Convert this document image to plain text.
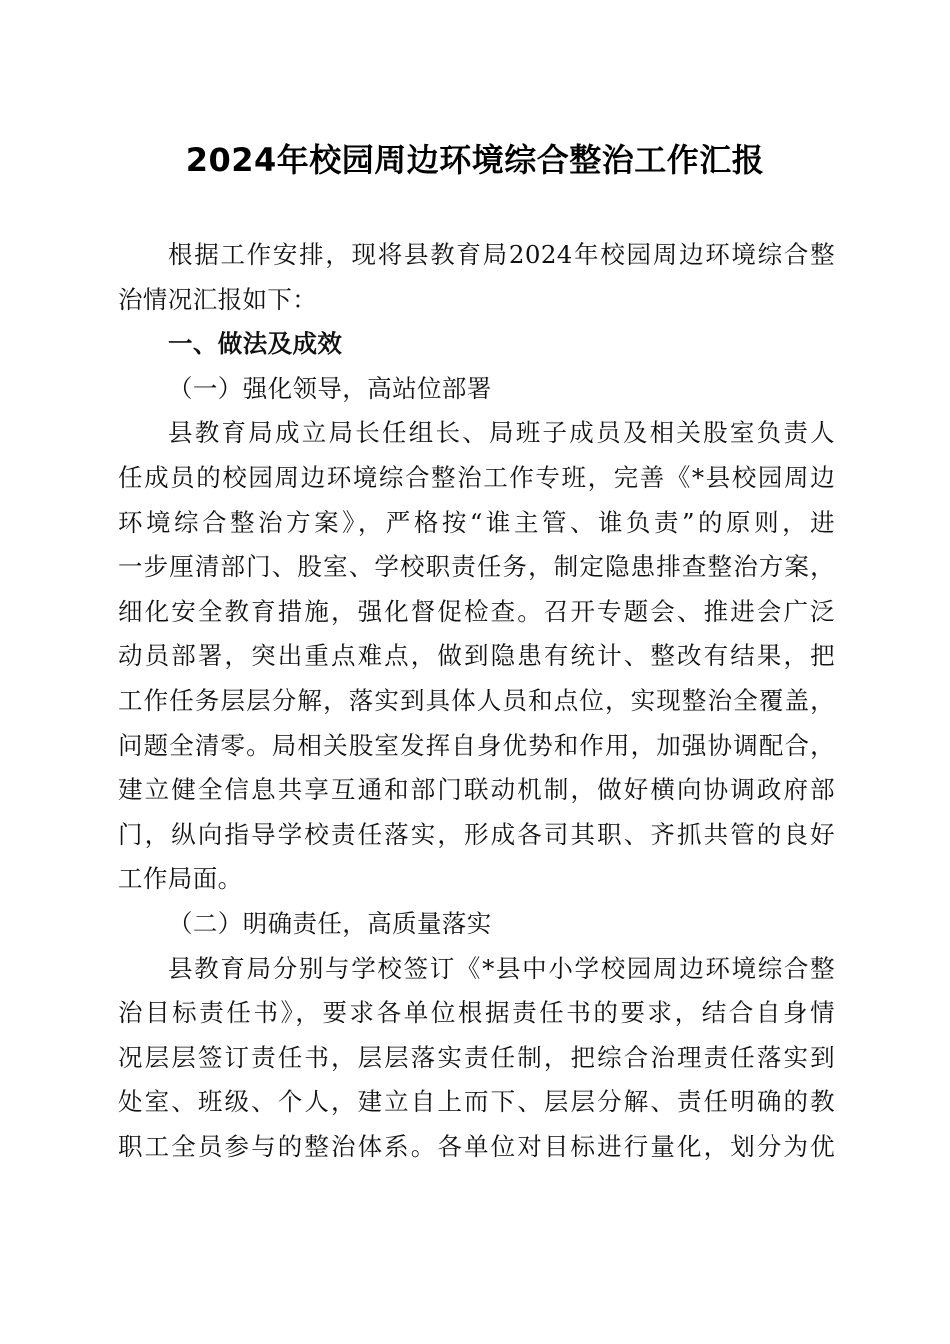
2024年校园周边环境综合整治工作汇报
根据工作安排，现将县教育局2024年校园周边环境综合整
治情况汇报如下：
一、做法及成效
（一）强化领导，高站位部署
县教育局成立局长任组长、局班子成员及相关股室负责人
任成员的校园周边环境综合整治工作专班，完善《*县校园周边
环境综合整治方案》，严格按“谁主管、谁负责”的原则，进
一步厘清部门、股室、学校职责任务，制定隐患排查整治方案，
细化安全教育措施，强化督促检查。召开专题会、推进会广泛
动员部署，突出重点难点，做到隐患有统计、整改有结果，把
工作任务层层分解，落实到具体人员和点位，实现整治全覆盖，
问题全清零。局相关股室发挥自身优势和作用，加强协调配合，
建立健全信息共享互通和部门联动机制，做好横向协调政府部
门，纵向指导学校责任落实，形成各司其职、齐抓共管的良好
工作局面。
（二）明确责任，高质量落实
县教育局分别与学校签订《*县中小学校园周边环境综合整
治目标责任书》，要求各单位根据责任书的要求，结合自身情
况层层签订责任书，层层落实责任制，把综合治理责任落实到
处室、班级、个人，建立自上而下、层层分解、责任明确的教
职工全员参与的整治体系。各单位对目标进行量化，划分为优
